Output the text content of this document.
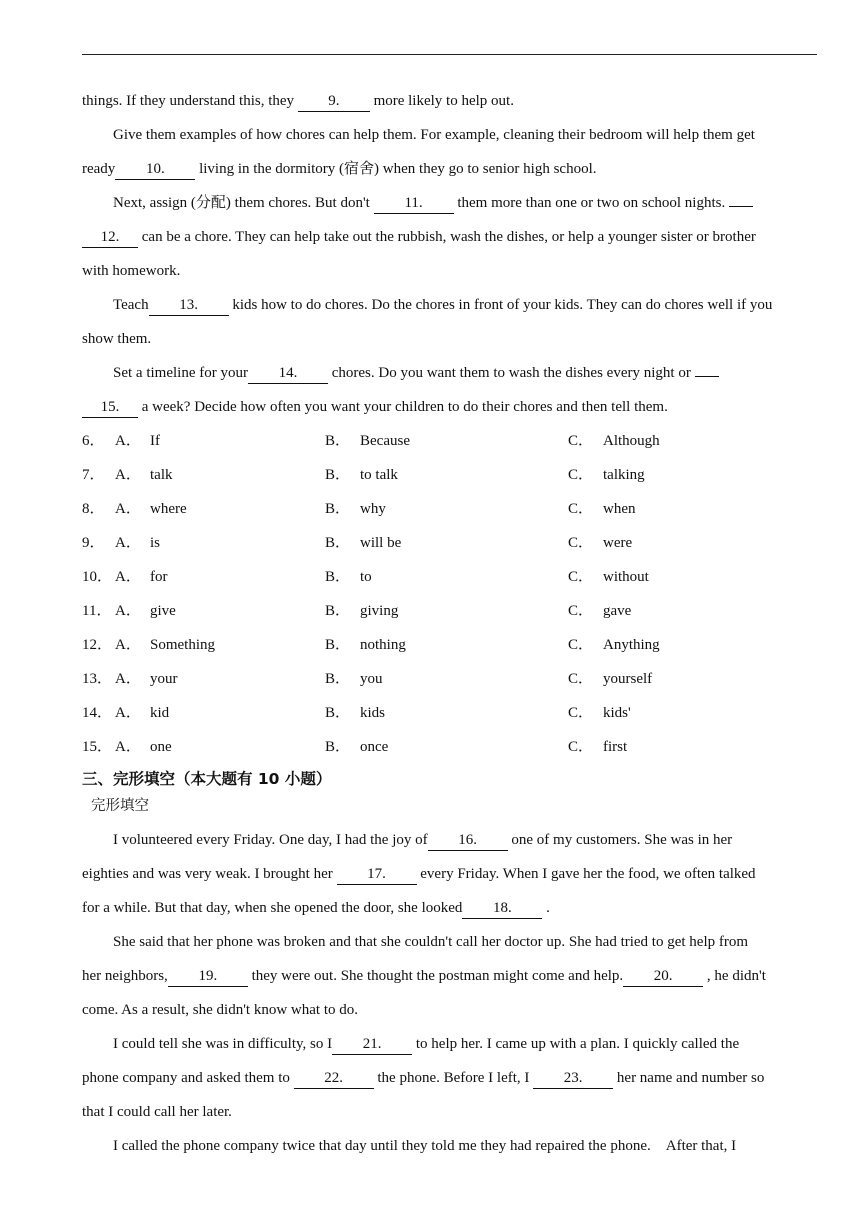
things. If they understand this, they 9. more likely to help out.
Give them examples of how chores can help them. For example, cleaning their bedroom will help them get
ready 10. living in the dormitory (宿舍) when they go to senior high school.
Next, assign (分配) them chores. But don't 11. them more than one or two on school nights.
12. can be a chore. They can help take out the rubbish, wash the dishes, or help a younger sister or brother
with homework.
Teach 13. kids how to do chores. Do the chores in front of your kids. They can do chores well if you
show them.
Set a timeline for your 14. chores. Do you want them to wash the dishes every night or
15. a week? Decide how often you want your children to do their chores and then tell them.
6． A． If	B． Because	C． Although
7． A． talk	B． to talk	C． talking
8． A． where	B． why	C． when
9． A． is	B． will be	C． were
10． A． for	B． to	C． without
11． A． give	B． giving	C． gave
12． A． Something	B． nothing	C． Anything
13． A． your	B． you	C． yourself
14． A． kid	B． kids	C． kids'
15． A． one	B． once	C． first
三、完形填空（本大题有 10 小题）
完形填空
I volunteered every Friday. One day, I had the joy of 16. one of my customers. She was in her
eighties and was very weak. I brought her 17. every Friday. When I gave her the food, we often talked
for a while. But that day, when she opened the door, she looked 18. .
She said that her phone was broken and that she couldn't call her doctor up. She had tried to get help from
her neighbors, 19. they were out. She thought the postman might come and help. 20. , he didn't
come. As a result, she didn't know what to do.
I could tell she was in difficulty, so I 21. to help her. I came up with a plan. I quickly called the
phone company and asked them to 22. the phone. Before I left, I 23. her name and number so
that I could call her later.
I called the phone company twice that day until they told me they had repaired the phone.　After that, I
